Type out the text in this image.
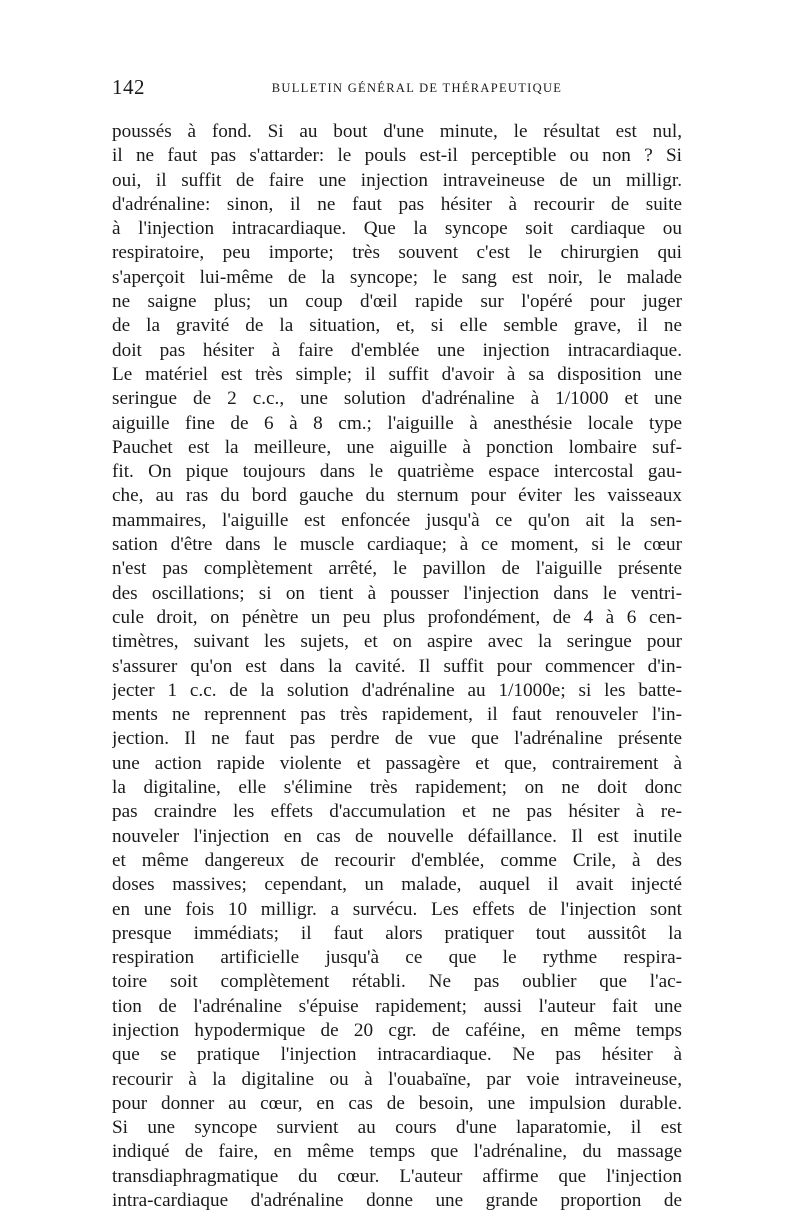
142	BULLETIN GÉNÉRAL DE THÉRAPEUTIQUE
poussés à fond. Si au bout d'une minute, le résultat est nul,
il ne faut pas s'attarder: le pouls est-il perceptible ou non ? Si
oui, il suffit de faire une injection intraveineuse de un milligr.
d'adrénaline: sinon, il ne faut pas hésiter à recourir de suite
à l'injection intracardiaque. Que la syncope soit cardiaque ou
respiratoire, peu importe; très souvent c'est le chirurgien qui
s'aperçoit lui-même de la syncope; le sang est noir, le malade
ne saigne plus; un coup d'œil rapide sur l'opéré pour juger
de la gravité de la situation, et, si elle semble grave, il ne
doit pas hésiter à faire d'emblée une injection intracardiaque.
Le matériel est très simple; il suffit d'avoir à sa disposition une
seringue de 2 c.c., une solution d'adrénaline à 1/1000 et une
aiguille fine de 6 à 8 cm.; l'aiguille à anesthésie locale type
Pauchet est la meilleure, une aiguille à ponction lombaire suf-
fit. On pique toujours dans le quatrième espace intercostal gau-
che, au ras du bord gauche du sternum pour éviter les vaisseaux
mammaires, l'aiguille est enfoncée jusqu'à ce qu'on ait la sen-
sation d'être dans le muscle cardiaque; à ce moment, si le cœur
n'est pas complètement arrêté, le pavillon de l'aiguille présente
des oscillations; si on tient à pousser l'injection dans le ventri-
cule droit, on pénètre un peu plus profondément, de 4 à 6 cen-
timètres, suivant les sujets, et on aspire avec la seringue pour
s'assurer qu'on est dans la cavité. Il suffit pour commencer d'in-
jecter 1 c.c. de la solution d'adrénaline au 1/1000e; si les batte-
ments ne reprennent pas très rapidement, il faut renouveler l'in-
jection. Il ne faut pas perdre de vue que l'adrénaline présente
une action rapide violente et passagère et que, contrairement à
la digitaline, elle s'élimine très rapidement; on ne doit donc
pas craindre les effets d'accumulation et ne pas hésiter à re-
nouveler l'injection en cas de nouvelle défaillance. Il est inutile
et même dangereux de recourir d'emblée, comme Crile, à des
doses massives; cependant, un malade, auquel il avait injecté
en une fois 10 milligr. a survécu. Les effets de l'injection sont
presque immédiats; il faut alors pratiquer tout aussitôt la
respiration artificielle jusqu'à ce que le rythme respira-
toire soit complètement rétabli. Ne pas oublier que l'ac-
tion de l'adrénaline s'épuise rapidement; aussi l'auteur fait une
injection hypodermique de 20 cgr. de caféine, en même temps
que se pratique l'injection intracardiaque. Ne pas hésiter à
recourir à la digitaline ou à l'ouabaïne, par voie intraveineuse,
pour donner au cœur, en cas de besoin, une impulsion durable.
Si une syncope survient au cours d'une laparatomie, il est
indiqué de faire, en même temps que l'adrénaline, du massage
transdiaphragmatique du cœur. L'auteur affirme que l'injection
intra-cardiaque d'adrénaline donne une grande proportion de
